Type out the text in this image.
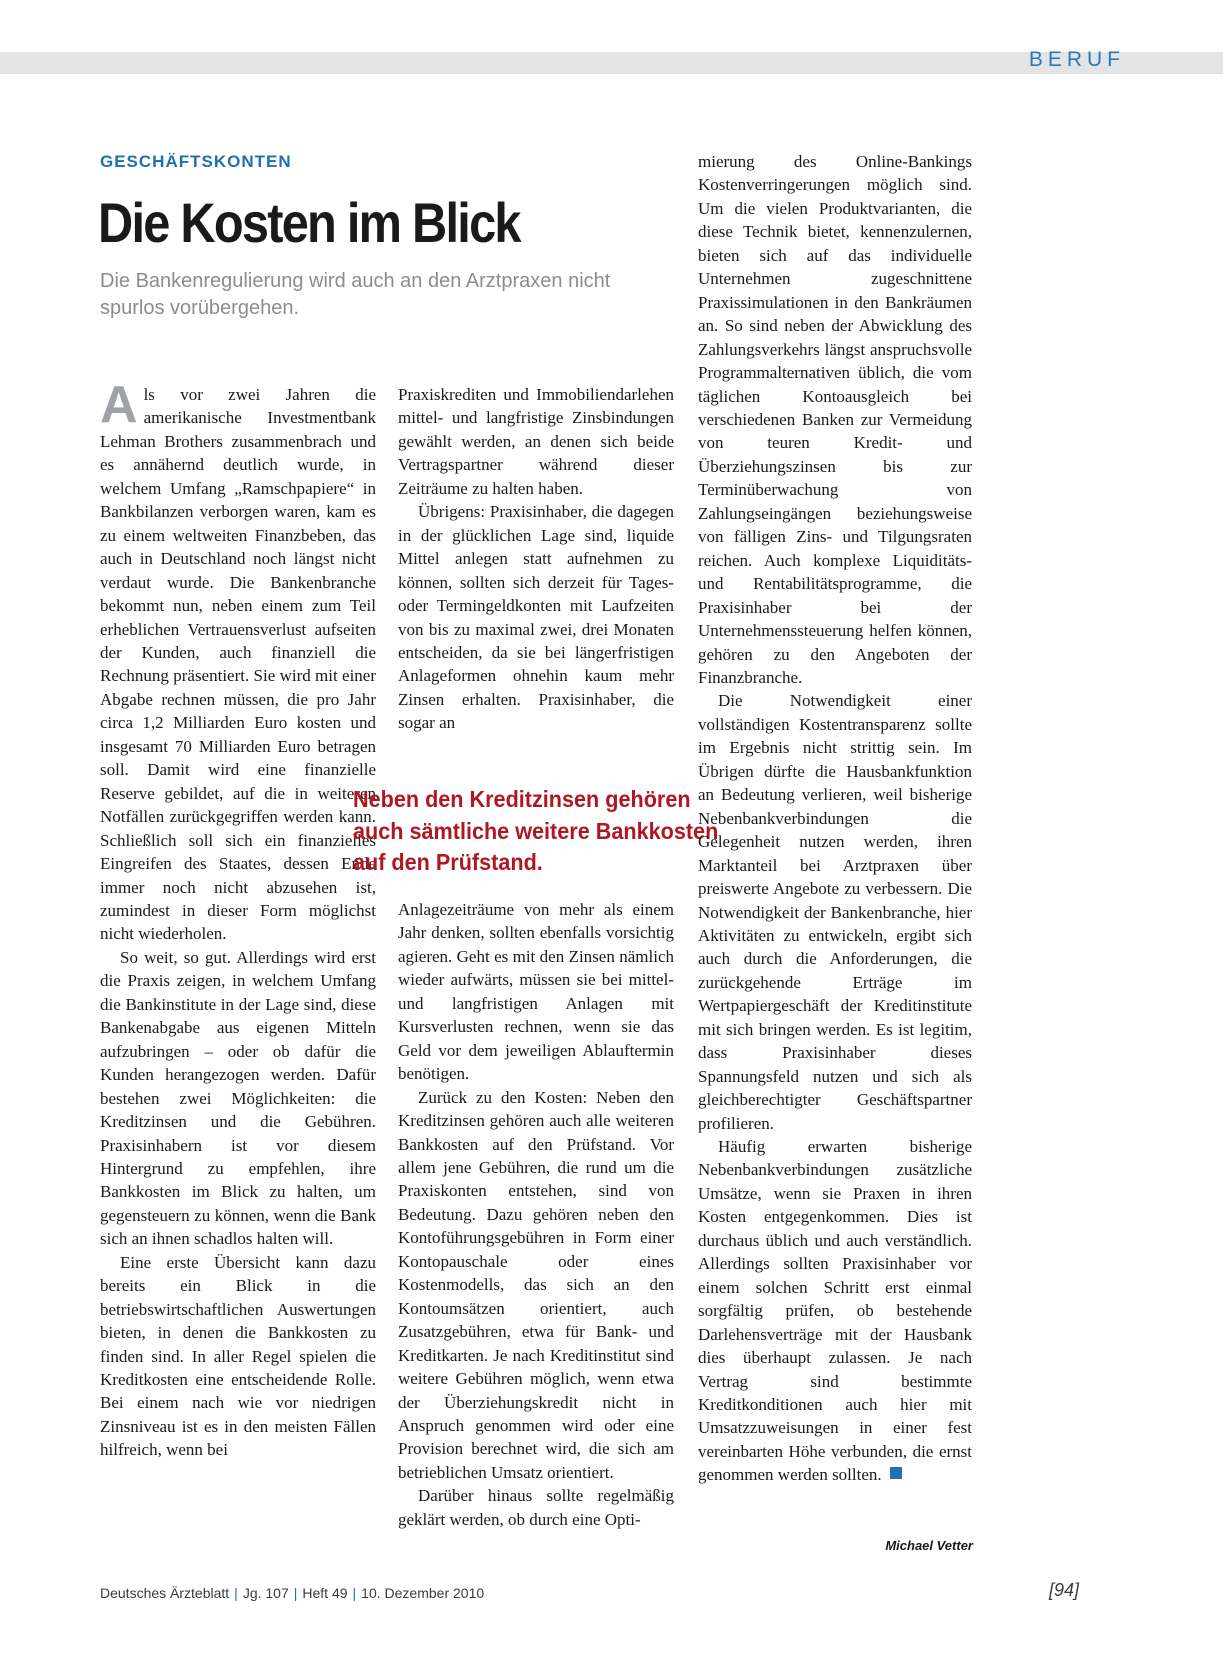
BERUF
GESCHÄFTSKONTEN
Die Kosten im Blick
Die Bankenregulierung wird auch an den Arztpraxen nicht spurlos vorübergehen.

Als vor zwei Jahren die amerikanische Investmentbank Lehman Brothers zusammenbrach und es annähernd deutlich wurde, in welchem Umfang „Ramschpapiere“ in Bankbilanzen verborgen waren, kam es zu einem weltweiten Finanzbeben, das auch in Deutschland noch längst nicht verdaut wurde. Die Bankenbranche bekommt nun, neben einem zum Teil erheblichen Vertrauensverlust aufseiten der Kunden, auch finanziell die Rechnung präsentiert. Sie wird mit einer Abgabe rechnen müssen, die pro Jahr circa 1,2 Milliarden Euro kosten und insgesamt 70 Milliarden Euro betragen soll. Damit wird eine finanzielle Reserve gebildet, auf die in weiteren Notfällen zurückgegriffen werden kann. Schließlich soll sich ein finanzielles Eingreifen des Staates, dessen Ende immer noch nicht abzusehen ist, zumindest in dieser Form möglichst nicht wiederholen.

So weit, so gut. Allerdings wird erst die Praxis zeigen, in welchem Umfang die Bankinstitute in der Lage sind, diese Bankenabgabe aus eigenen Mitteln aufzubringen – oder ob dafür die Kunden herangezogen werden. Dafür bestehen zwei Möglichkeiten: die Kreditzinsen und die Gebühren. Praxisinhabern ist vor diesem Hintergrund zu empfehlen, ihre Bankkosten im Blick zu halten, um gegensteuern zu können, wenn die Bank sich an ihnen schadlos halten will.

Eine erste Übersicht kann dazu bereits ein Blick in die betriebswirtschaftlichen Auswertungen bieten, in denen die Bankkosten zu finden sind. In aller Regel spielen die Kreditkosten eine entscheidende Rolle. Bei einem nach wie vor niedrigen Zinsniveau ist es in den meisten Fällen hilfreich, wenn bei

Praxiskrediten und Immobiliendarlehen mittel- und langfristige Zinsbindungen gewählt werden, an denen sich beide Vertragspartner während dieser Zeiträume zu halten haben.

Übrigens: Praxisinhaber, die dagegen in der glücklichen Lage sind, liquide Mittel anlegen statt aufnehmen zu können, sollten sich derzeit für Tages- oder Termingeldkonten mit Laufzeiten von bis zu maximal zwei, drei Monaten entscheiden, da sie bei längerfristigen Anlageformen ohnehin kaum mehr Zinsen erhalten. Praxisinhaber, die sogar an

Neben den Kreditzinsen gehören auch sämtliche weitere Bankkosten auf den Prüfstand.

Anlagezeiträume von mehr als einem Jahr denken, sollten ebenfalls vorsichtig agieren. Geht es mit den Zinsen nämlich wieder aufwärts, müssen sie bei mittel- und langfristigen Anlagen mit Kursverlusten rechnen, wenn sie das Geld vor dem jeweiligen Ablauftermin benötigen.

Zurück zu den Kosten: Neben den Kreditzinsen gehören auch alle weiteren Bankkosten auf den Prüfstand. Vor allem jene Gebühren, die rund um die Praxiskonten entstehen, sind von Bedeutung. Dazu gehören neben den Kontoführungsgebühren in Form einer Kontopauschale oder eines Kostenmodells, das sich an den Kontoumsätzen orientiert, auch Zusatzgebühren, etwa für Bank- und Kreditkarten. Je nach Kreditinstitut sind weitere Gebühren möglich, wenn etwa der Überziehungskredit nicht in Anspruch genommen wird oder eine Provision berechnet wird, die sich am betrieblichen Umsatz orientiert.

Darüber hinaus sollte regelmäßig geklärt werden, ob durch eine Opti-

mierung des Online-Bankings Kostenverringerungen möglich sind. Um die vielen Produktvarianten, die diese Technik bietet, kennenzulernen, bieten sich auf das individuelle Unternehmen zugeschnittene Praxissimulationen in den Bankräumen an. So sind neben der Abwicklung des Zahlungsverkehrs längst anspruchsvolle Programmalternativen üblich, die vom täglichen Kontoausgleich bei verschiedenen Banken zur Vermeidung von teuren Kredit- und Überziehungszinsen bis zur Terminüberwachung von Zahlungseingängen beziehungsweise von fälligen Zins- und Tilgungsraten reichen. Auch komplexe Liquiditäts- und Rentabilitätsprogramme, die Praxisinhaber bei der Unternehmenssteuerung helfen können, gehören zu den Angeboten der Finanzbranche.

Die Notwendigkeit einer vollständigen Kostentransparenz sollte im Ergebnis nicht strittig sein. Im Übrigen dürfte die Hausbankfunktion an Bedeutung verlieren, weil bisherige Nebenbankverbindungen die Gelegenheit nutzen werden, ihren Marktanteil bei Arztpraxen über preiswerte Angebote zu verbessern. Die Notwendigkeit der Bankenbranche, hier Aktivitäten zu entwickeln, ergibt sich auch durch die Anforderungen, die zurückgehende Erträge im Wertpapiergeschäft der Kreditinstitute mit sich bringen werden. Es ist legitim, dass Praxisinhaber dieses Spannungsfeld nutzen und sich als gleichberechtigter Geschäftspartner profilieren.

Häufig erwarten bisherige Nebenbankverbindungen zusätzliche Umsätze, wenn sie Praxen in ihren Kosten entgegenkommen. Dies ist durchaus üblich und auch verständlich. Allerdings sollten Praxisinhaber vor einem solchen Schritt erst einmal sorgfältig prüfen, ob bestehende Darlehensverträge mit der Hausbank dies überhaupt zulassen. Je nach Vertrag sind bestimmte Kreditkonditionen auch hier mit Umsatzzuweisungen in einer fest vereinbarten Höhe verbunden, die ernst genommen werden sollten.

Michael Vetter
Deutsches Ärzteblatt | Jg. 107 | Heft 49 | 10. Dezember 2010	[94]
